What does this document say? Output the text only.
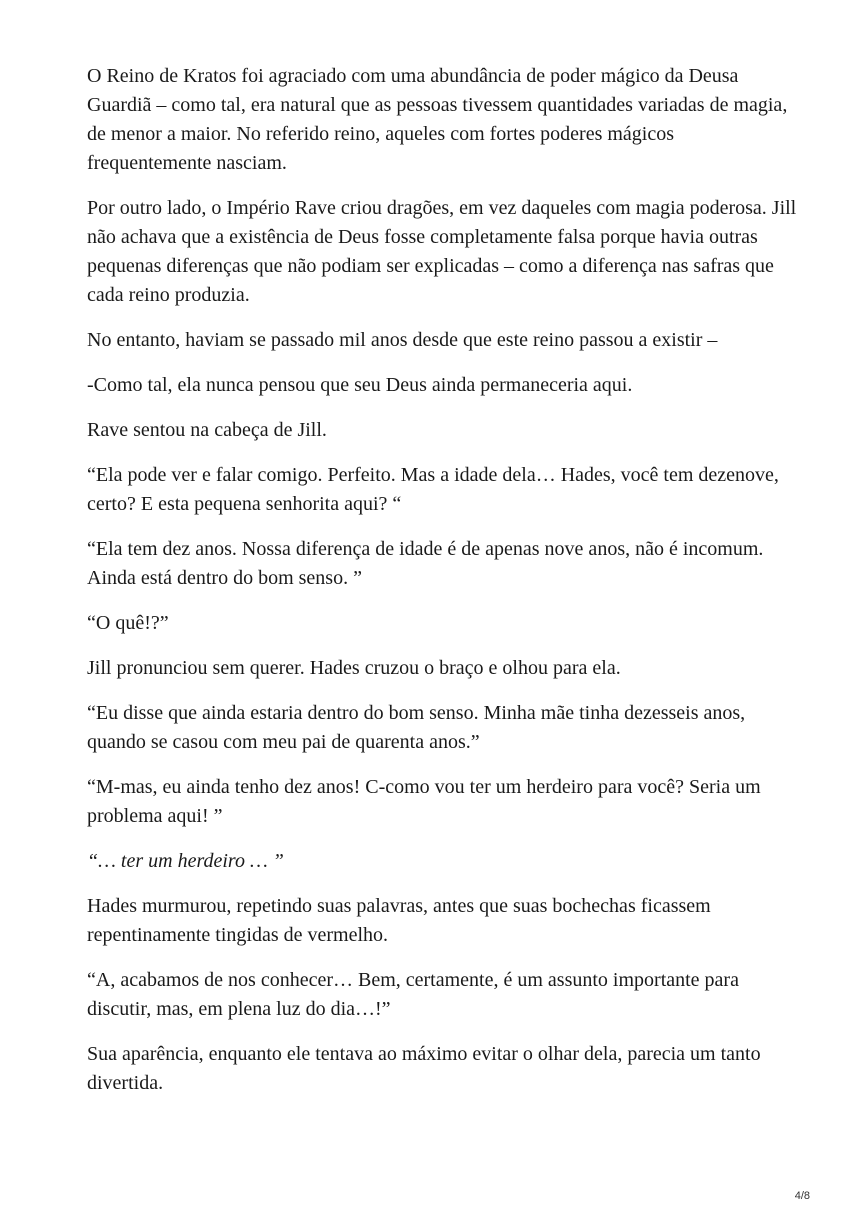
O Reino de Kratos foi agraciado com uma abundância de poder mágico da Deusa Guardiã – como tal, era natural que as pessoas tivessem quantidades variadas de magia, de menor a maior. No referido reino, aqueles com fortes poderes mágicos frequentemente nasciam.

Por outro lado, o Império Rave criou dragões, em vez daqueles com magia poderosa. Jill não achava que a existência de Deus fosse completamente falsa porque havia outras pequenas diferenças que não podiam ser explicadas – como a diferença nas safras que cada reino produzia.

No entanto, haviam se passado mil anos desde que este reino passou a existir –

-Como tal, ela nunca pensou que seu Deus ainda permaneceria aqui.

Rave sentou na cabeça de Jill.

“Ela pode ver e falar comigo. Perfeito. Mas a idade dela… Hades, você tem dezenove, certo? E esta pequena senhorita aqui? “

“Ela tem dez anos. Nossa diferença de idade é de apenas nove anos, não é incomum. Ainda está dentro do bom senso. ”

“O quê!?”

Jill pronunciou sem querer. Hades cruzou o braço e olhou para ela.

“Eu disse que ainda estaria dentro do bom senso. Minha mãe tinha dezesseis anos, quando se casou com meu pai de quarenta anos.”

“M-mas, eu ainda tenho dez anos! C-como vou ter um herdeiro para você? Seria um problema aqui! ”

“… ter um herdeiro … ”

Hades murmurou, repetindo suas palavras, antes que suas bochechas ficassem repentinamente tingidas de vermelho.

“A, acabamos de nos conhecer… Bem, certamente, é um assunto importante para discutir, mas, em plena luz do dia…!”

Sua aparência, enquanto ele tentava ao máximo evitar o olhar dela, parecia um tanto divertida.

4/8
